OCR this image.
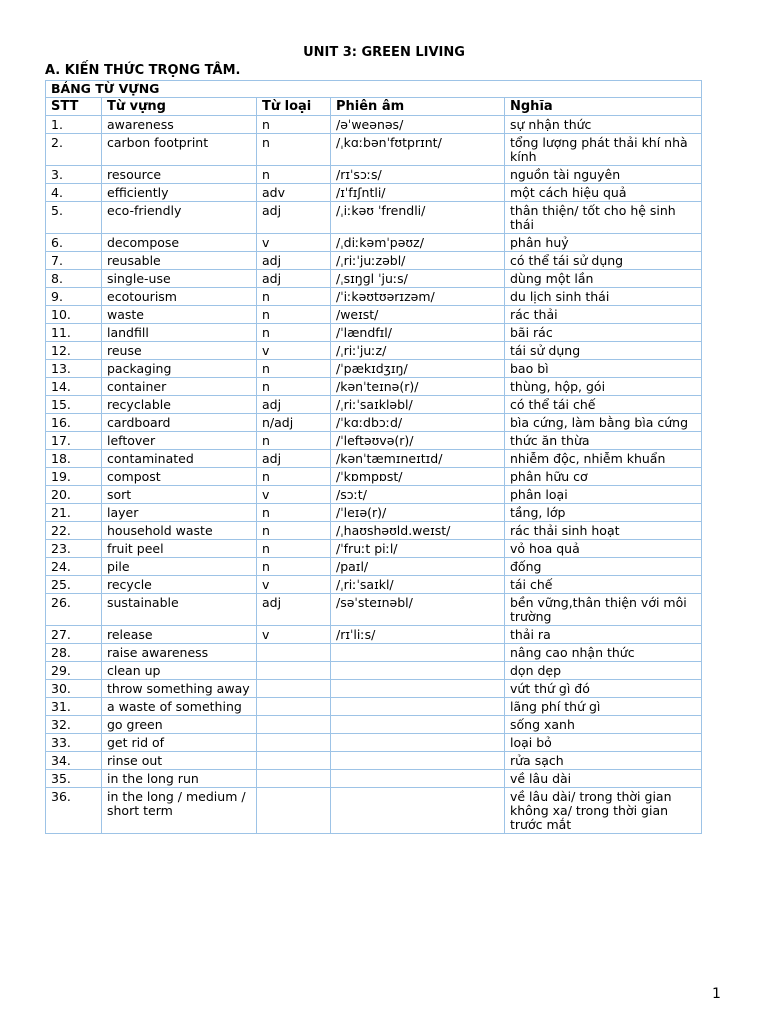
UNIT 3: GREEN LIVING
A. KIẾN THỨC TRỌNG TÂM.
BẢNG TỪ VỰNG				
STT	Từ vựng	Từ loại	Phiên âm	Nghĩa
1.	awareness	n	/əˈweənəs/	sự nhận thức
2.	carbon footprint	n	/ˌkɑːbənˈfʊtprɪnt/	tổng lượng phát thải khí nhà kính
3.	resource	n	/rɪˈsɔːs/	nguồn tài nguyên
4.	efficiently	adv	/ɪˈfɪʃntli/	một cách hiệu quả
5.	eco-friendly	adj	/ˌiːkəʊ ˈfrendli/	thân thiện/ tốt cho hệ sinh thái
6.	decompose	v	/ˌdiːkəmˈpəʊz/	phân huỷ
7.	reusable	adj	/ˌriːˈjuːzəbl/	có thể tái sử dụng
8.	single-use	adj	/ˌsɪŋɡl ˈjuːs/	dùng một lần
9.	ecotourism	n	/ˈiːkəʊtʊərɪzəm/	du lịch sinh thái
10.	waste	n	/weɪst/	rác thải
11.	landfill	n	/ˈlændfɪl/	bãi rác
12.	reuse	v	/ˌriːˈjuːz/	tái sử dụng
13.	packaging	n	/ˈpækɪdʒɪŋ/	bao bì
14.	container	n	/kənˈteɪnə(r)/	thùng, hộp, gói
15.	recyclable	adj	/ˌriːˈsaɪkləbl/	có thể tái chế
16.	cardboard	n/adj	/ˈkɑːdbɔːd/	bìa cứng, làm bằng bìa cứng
17.	leftover	n	/ˈleftəʊvə(r)/	thức ăn thừa
18.	contaminated	adj	/kənˈtæmɪneɪtɪd/	nhiễm độc, nhiễm khuẩn
19.	compost	n	/ˈkɒmpɒst/	phân hữu cơ
20.	sort	v	/sɔːt/	phân loại
21.	layer	n	/ˈleɪə(r)/	tầng, lớp
22.	household waste	n	/ˌhaʊshəʊld.weɪst/	rác thải sinh hoạt
23.	fruit peel	n	/ˈfruːt piːl/	vỏ hoa quả
24.	pile	n	/paɪl/	đống
25.	recycle	v	/ˌriːˈsaɪkl/	tái chế
26.	sustainable	adj	/səˈsteɪnəbl/	bền vững,thân thiện với môi trường
27.	release	v	/rɪˈliːs/	thải ra
28.	raise awareness			nâng cao nhận thức
29.	clean up			dọn dẹp
30.	throw something away			vứt thứ gì đó
31.	a waste of something			lãng phí thứ gì
32.	go green			sống xanh
33.	get rid of			loại bỏ
34.	rinse out			rửa sạch
35.	in the long run			về lâu dài
36.	in the long / medium / short term			về lâu dài/ trong thời gian không xa/ trong thời gian trước mắt
1
